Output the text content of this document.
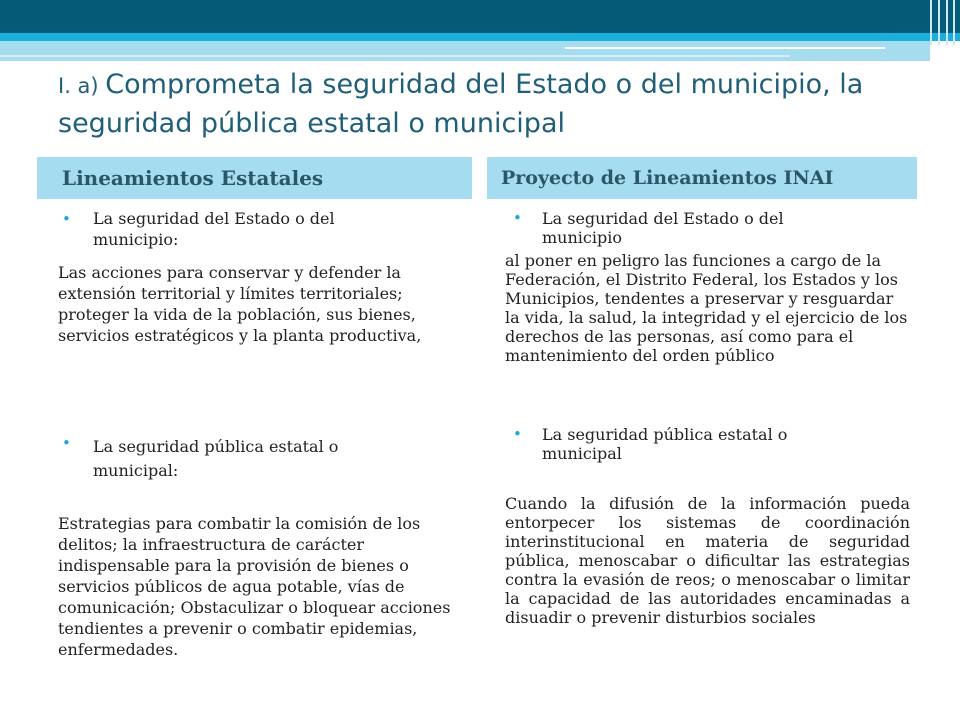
I. a) Comprometa la seguridad del Estado o del municipio, la seguridad pública estatal o municipal
Lineamientos Estatales	Proyecto de Lineamientos INAI
• La seguridad del Estado o del municipio:
Las acciones para conservar y defender la extensión territorial y límites territoriales; proteger la vida de la población, sus bienes, servicios estratégicos y la planta productiva,
• La seguridad pública estatal o municipal:
Estrategias para combatir la comisión de los delitos; la infraestructura de carácter indispensable para la provisión de bienes o servicios públicos de agua potable, vías de comunicación; Obstaculizar o bloquear acciones tendientes a prevenir o combatir epidemias, enfermedades.
• La seguridad del Estado o del municipio
al poner en peligro las funciones a cargo de la Federación, el Distrito Federal, los Estados y los Municipios, tendentes a preservar y resguardar la vida, la salud, la integridad y el ejercicio de los derechos de las personas, así como para el mantenimiento del orden público
• La seguridad pública estatal o municipal
Cuando la difusión de la información pueda entorpecer los sistemas de coordinación interinstitucional en materia de seguridad pública, menoscabar o dificultar las estrategias contra la evasión de reos; o menoscabar o limitar la capacidad de las autoridades encaminadas a disuadir o prevenir disturbios sociales
